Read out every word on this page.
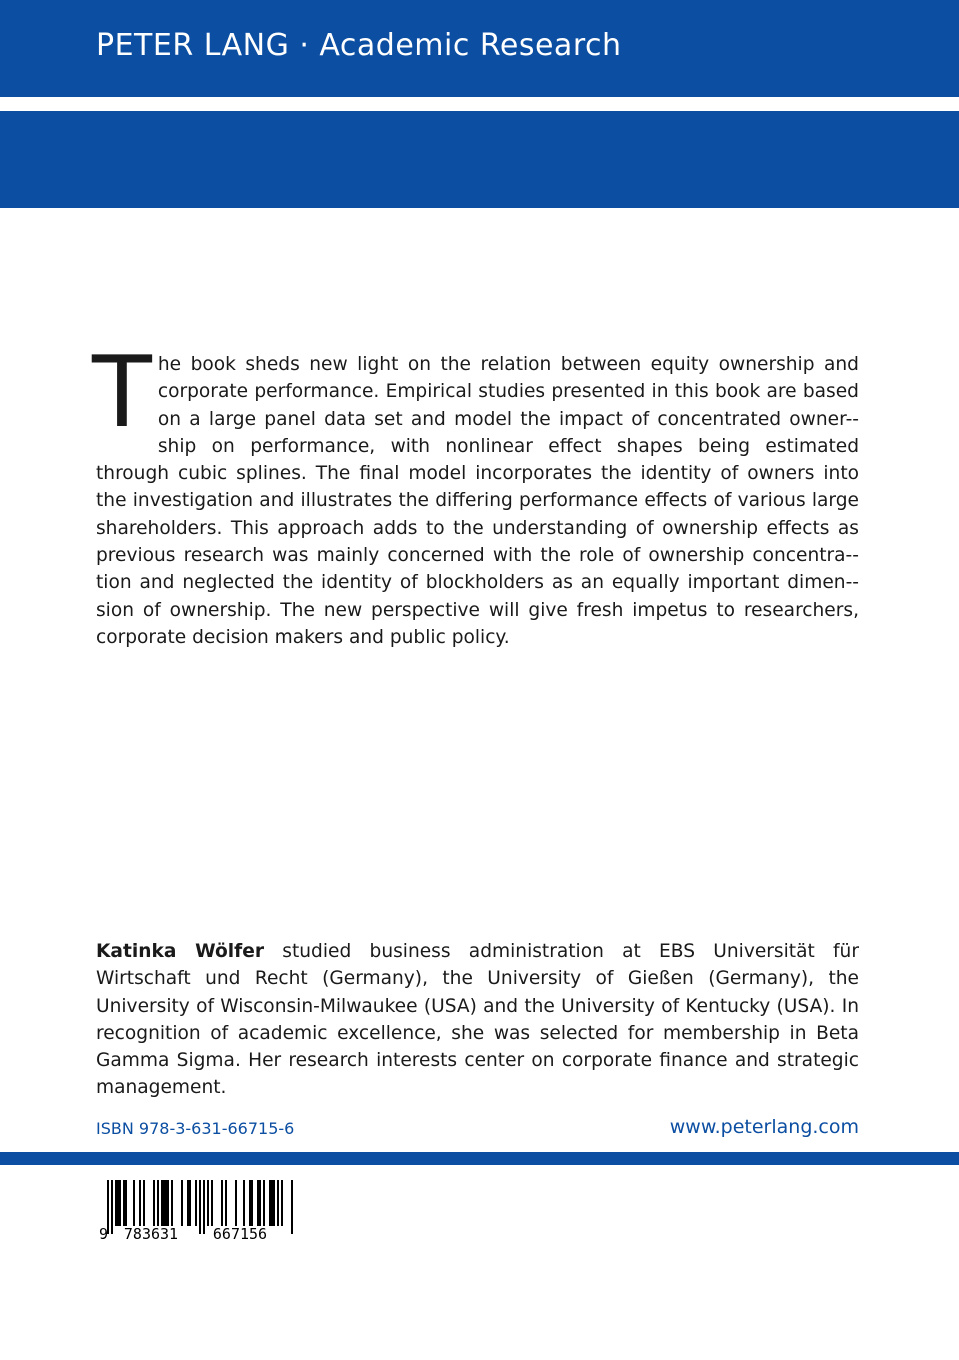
PETER LANG · Academic Research
V / 3442
The book sheds new light on the relation between equity ownership and corporate performance. Empirical studies presented in this book are based on a large panel data set and model the impact of concentrated owner-ship on performance, with nonlinear effect shapes being estimated through cubic splines. The final model incorporates the identity of owners into the investigation and illustrates the differing performance effects of various large shareholders. This approach adds to the understanding of ownership effects as previous research was mainly concerned with the role of ownership concentra-tion and neglected the identity of blockholders as an equally important dimen-sion of ownership. The new perspective will give fresh impetus to researchers, corporate decision makers and public policy.
Katinka Wölfer studied business administration at EBS Universität für Wirtschaft und Recht (Germany), the University of Gießen (Germany), the University of Wisconsin-Milwaukee (USA) and the University of Kentucky (USA). In recognition of academic excellence, she was selected for membership in Beta Gamma Sigma. Her research interests center on corporate finance and strategic management.
ISBN 978-3-631-66715-6	www.peterlang.com
9 783631 667156
